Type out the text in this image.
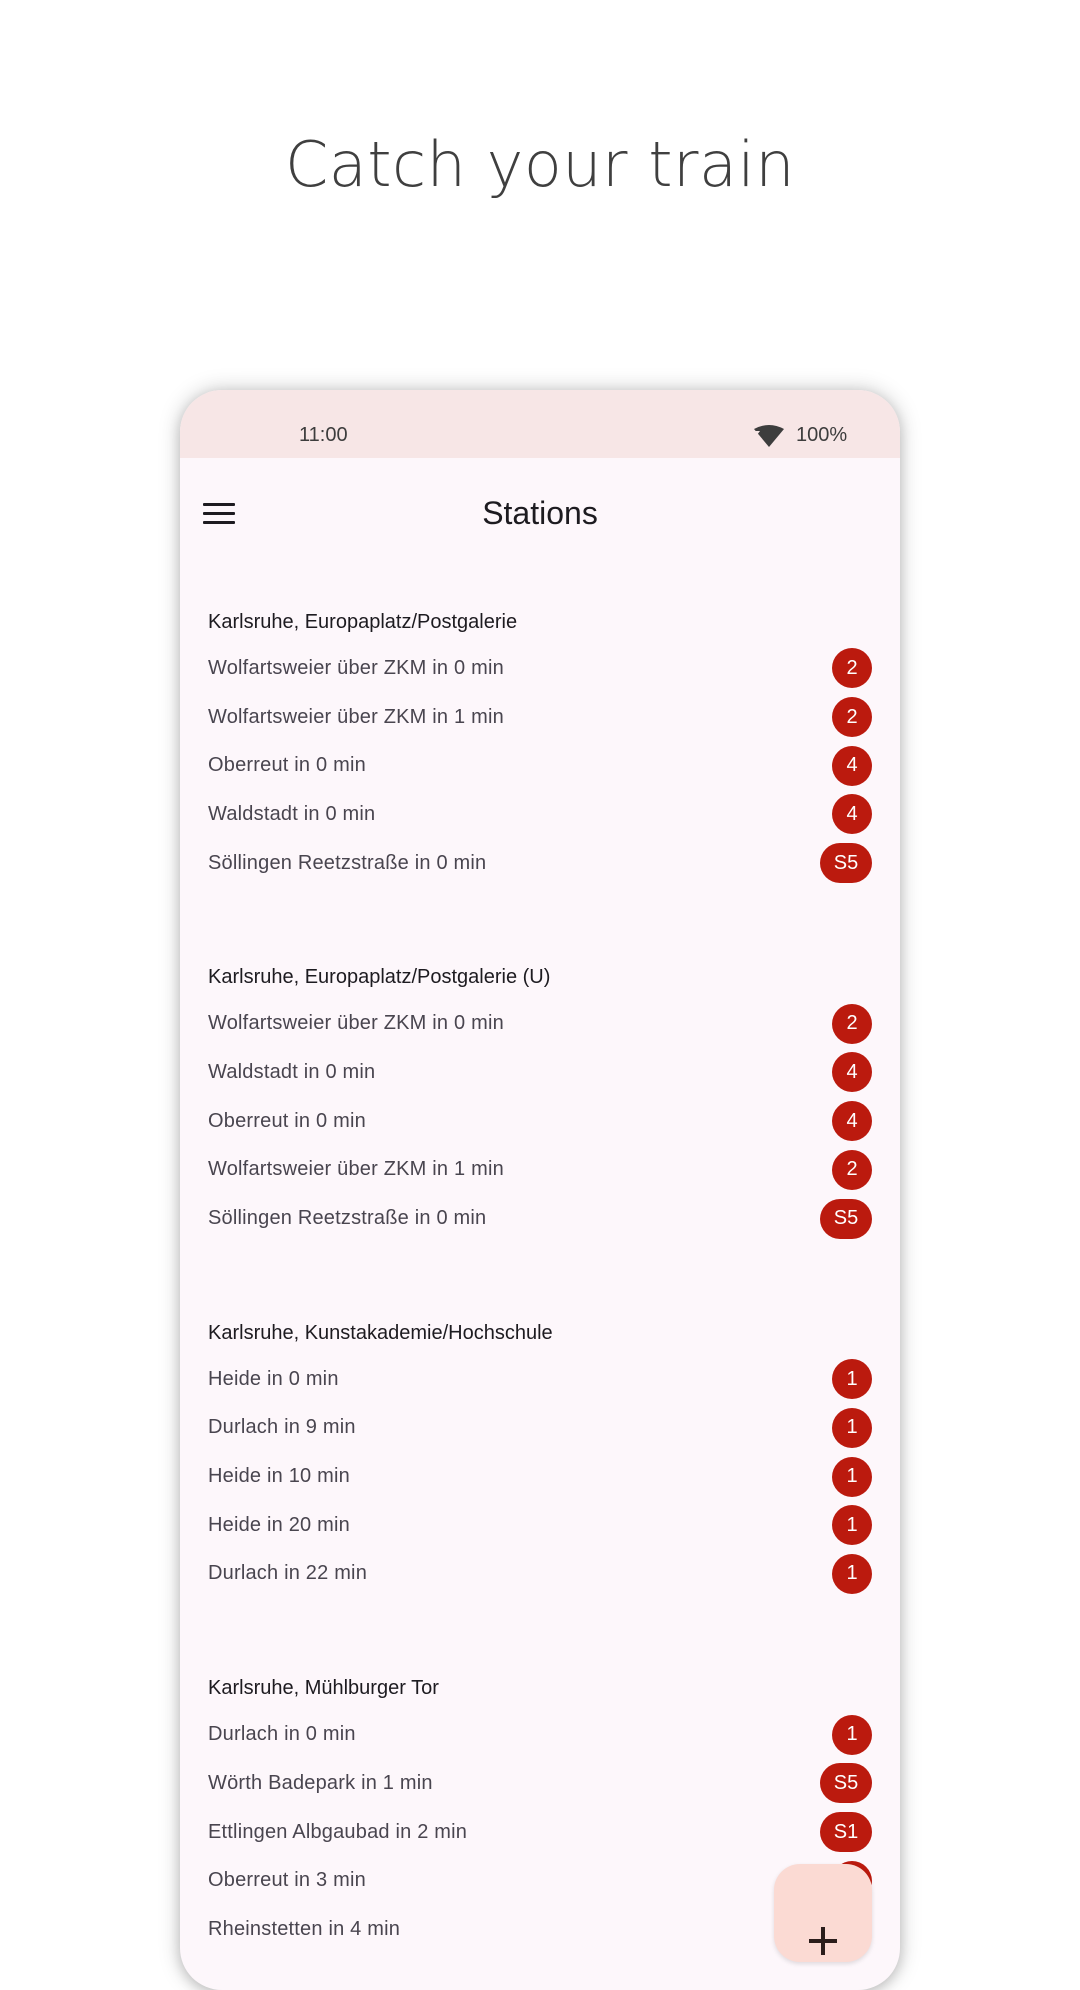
Catch your train
11:00	100%
Stations
Karlsruhe, Europaplatz/Postgalerie
Wolfartsweier über ZKM in 0 min	2
Wolfartsweier über ZKM in 1 min	2
Oberreut in 0 min	4
Waldstadt in 0 min	4
Söllingen Reetzstraße in 0 min	S5
Karlsruhe, Europaplatz/Postgalerie (U)
Wolfartsweier über ZKM in 0 min	2
Waldstadt in 0 min	4
Oberreut in 0 min	4
Wolfartsweier über ZKM in 1 min	2
Söllingen Reetzstraße in 0 min	S5
Karlsruhe, Kunstakademie/Hochschule
Heide in 0 min	1
Durlach in 9 min	1
Heide in 10 min	1
Heide in 20 min	1
Durlach in 22 min	1
Karlsruhe, Mühlburger Tor
Durlach in 0 min	1
Wörth Badepark in 1 min	S5
Ettlingen Albgaubad in 2 min	S1
Oberreut in 3 min
Rheinstetten in 4 min
